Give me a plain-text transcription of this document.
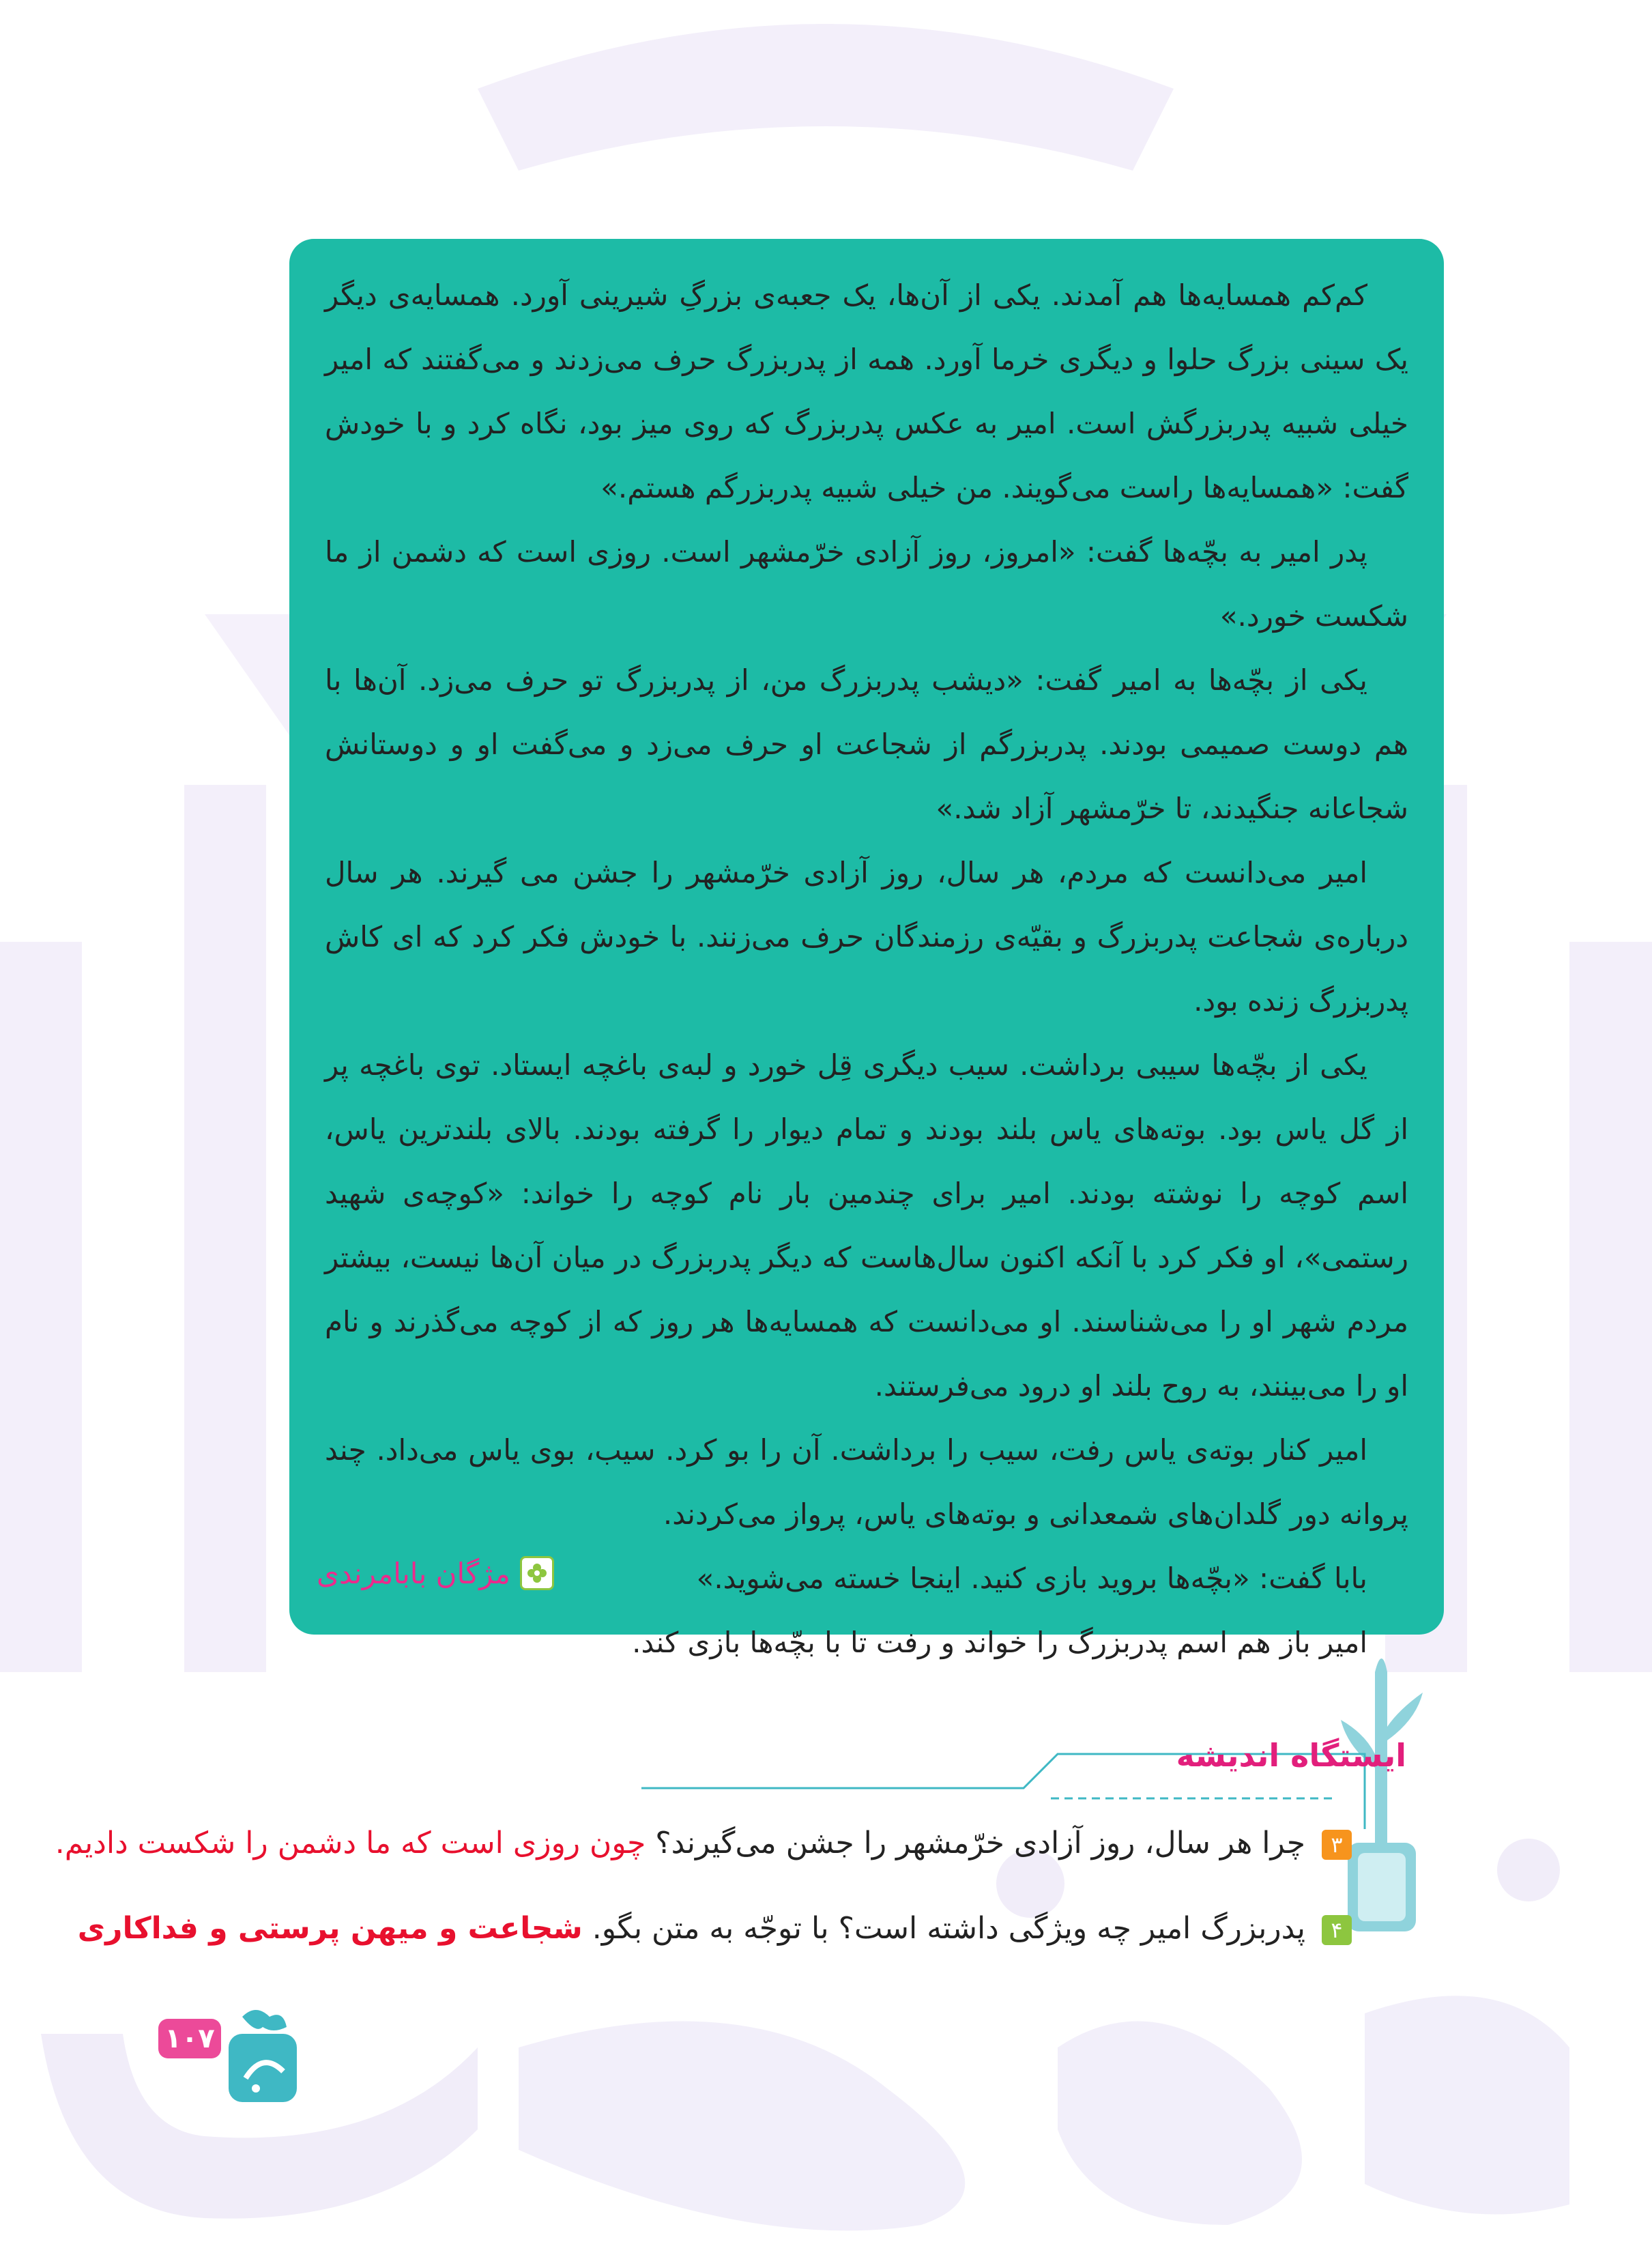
کم‌کم همسایه‌ها هم آمدند. یکی از آن‌ها، یک جعبه‌ی بزرگِ شیرینی آورد. همسایه‌ی دیگر یک سینی بزرگ حلوا و دیگری خرما آورد. همه از پدربزرگ حرف می‌زدند و می‌گفتند که امیر خیلی شبیه پدربزرگش است. امیر به عکس پدربزرگ که روی میز بود، نگاه کرد و با خودش گفت: «همسایه‌ها راست می‌گویند. من خیلی شبیه پدربزرگم هستم.»

پدر امیر به بچّه‌ها گفت: «امروز، روز آزادی خرّمشهر است. روزی است که دشمن از ما شکست خورد.»

یکی از بچّه‌ها به امیر گفت: «دیشب پدربزرگ من، از پدربزرگ تو حرف می‌زد. آن‌ها با هم دوست صمیمی بودند. پدربزرگم از شجاعت او حرف می‌زد و می‌گفت او و دوستانش شجاعانه جنگیدند، تا خرّمشهر آزاد شد.»

امیر می‌دانست که مردم، هر سال، روز آزادی خرّمشهر را جشن می گیرند. هر سال درباره‌ی شجاعت پدربزرگ و بقیّه‌ی رزمندگان حرف می‌زنند. با خودش فکر کرد که ای کاش پدربزرگ زنده بود.

یکی از بچّه‌ها سیبی برداشت. سیب دیگری قِل خورد و لبه‌ی باغچه ایستاد. توی باغچه پر از گل یاس بود. بوته‌های یاس بلند بودند و تمام دیوار را گرفته بودند. بالای بلندترین یاس، اسم کوچه را نوشته بودند. امیر برای چندمین بار نام کوچه را خواند: «کوچه‌ی شهید رستمی»، او فکر کرد با آنکه اکنون سال‌هاست که دیگر پدربزرگ در میان آن‌ها نیست، بیشتر مردم شهر او را می‌شناسند. او می‌دانست که همسایه‌ها هر روز که از کوچه می‌گذرند و نام او را می‌بینند، به روح بلند او درود می‌فرستند.

امیر کنار بوته‌ی یاس رفت، سیب را برداشت. آن را بو کرد. سیب، بوی یاس می‌داد. چند پروانه دور گلدان‌های شمعدانی و بوته‌های یاس، پرواز می‌کردند.

بابا گفت: «بچّه‌ها بروید بازی کنید. اینجا خسته می‌شوید.»

امیر باز هم اسم پدربزرگ را خواند و رفت تا با بچّه‌ها بازی کند.

مژگان بابامرندی
ایستگاه اندیشه
۳ چرا هر سال، روز آزادی خرّمشهر را جشن می‌گیرند؟ چون روزی است که ما دشمن را شکست دادیم.
۴ پدربزرگ امیر چه ویژگی داشته است؟ با توجّه به متن بگو. شجاعت و میهن پرستی و فداکاری
۱۰۷
